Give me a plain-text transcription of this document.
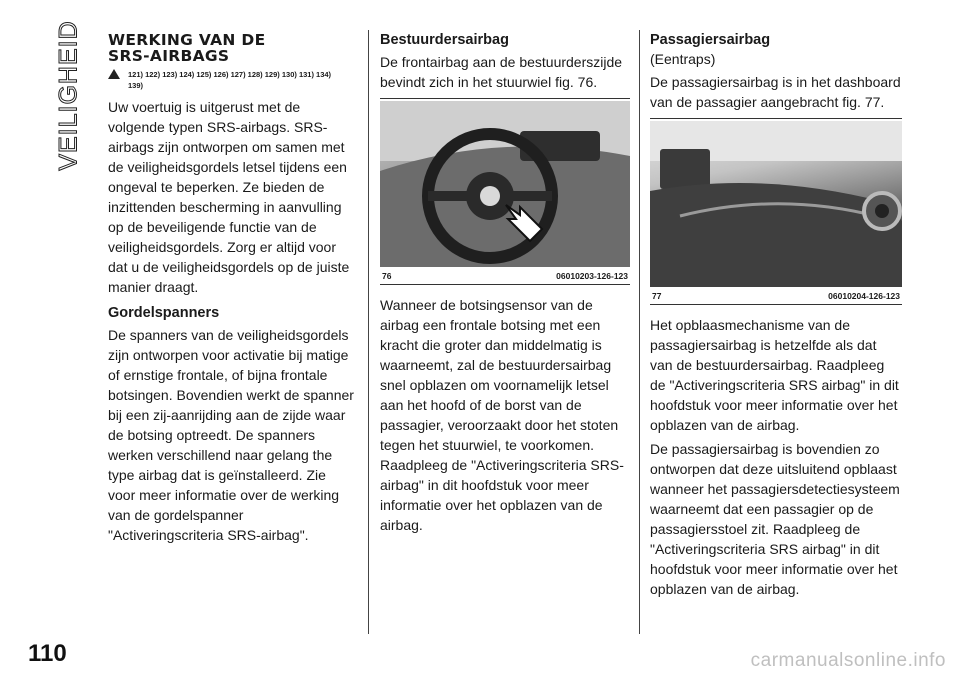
VEILIGHEID WERKING VAN DE
SRS-AIRBAGS
121) 122) 123) 124) 125) 126) 127) 128) 129) 130) 131) 134)
139)

Uw voertuig is uitgerust met de volgende typen SRS-airbags. SRS-airbags zijn ontworpen om samen met de veiligheidsgordels letsel tijdens een ongeval te beperken. Ze bieden de inzittenden bescherming in aanvulling op de beveiligende functie van de veiligheidsgordels. Zorg er altijd voor dat u de veiligheidsgordels op de juiste manier draagt.

Gordelspanners

De spanners van de veiligheidsgordels zijn ontworpen voor activatie bij matige of ernstige frontale, of bijna frontale botsingen. Bovendien werkt de spanner bij een zij-aanrijding aan de zijde waar de botsing optreedt. De spanners werken verschillend naar gelang the type airbag dat is geïnstalleerd. Zie voor meer informatie over de werking van de gordelspanner "Activeringscriteria SRS-airbag".

Bestuurdersairbag

De frontairbag aan de bestuurderszijde bevindt zich in het stuurwiel fig. 76.

76	06010203-126-123

Wanneer de botsingsensor van de airbag een frontale botsing met een kracht die groter dan middelmatig is waarneemt, zal de bestuurdersairbag snel opblazen om voornamelijk letsel aan het hoofd of de borst van de passagier, veroorzaakt door het stoten tegen het stuurwiel, te voorkomen. Raadpleeg de "Activeringscriteria SRS-airbag" in dit hoofdstuk voor meer informatie over het opblazen van de airbag.

Passagiersairbag
(Eentraps)

De passagiersairbag is in het dashboard van de passagier aangebracht fig. 77.

77	06010204-126-123

Het opblaasmechanisme van de passagiersairbag is hetzelfde als dat van de bestuurdersairbag. Raadpleeg de "Activeringscriteria SRS airbag" in dit hoofdstuk voor meer informatie over het opblazen van de airbag.

De passagiersairbag is bovendien zo ontworpen dat deze uitsluitend opblaast wanneer het passagiersdetectiesysteem waarneemt dat een passagier op de passagiersstoel zit. Raadpleeg de "Activeringscriteria SRS airbag" in dit hoofdstuk voor meer informatie over het opblazen van de airbag.

110	carmanualsonline.info
